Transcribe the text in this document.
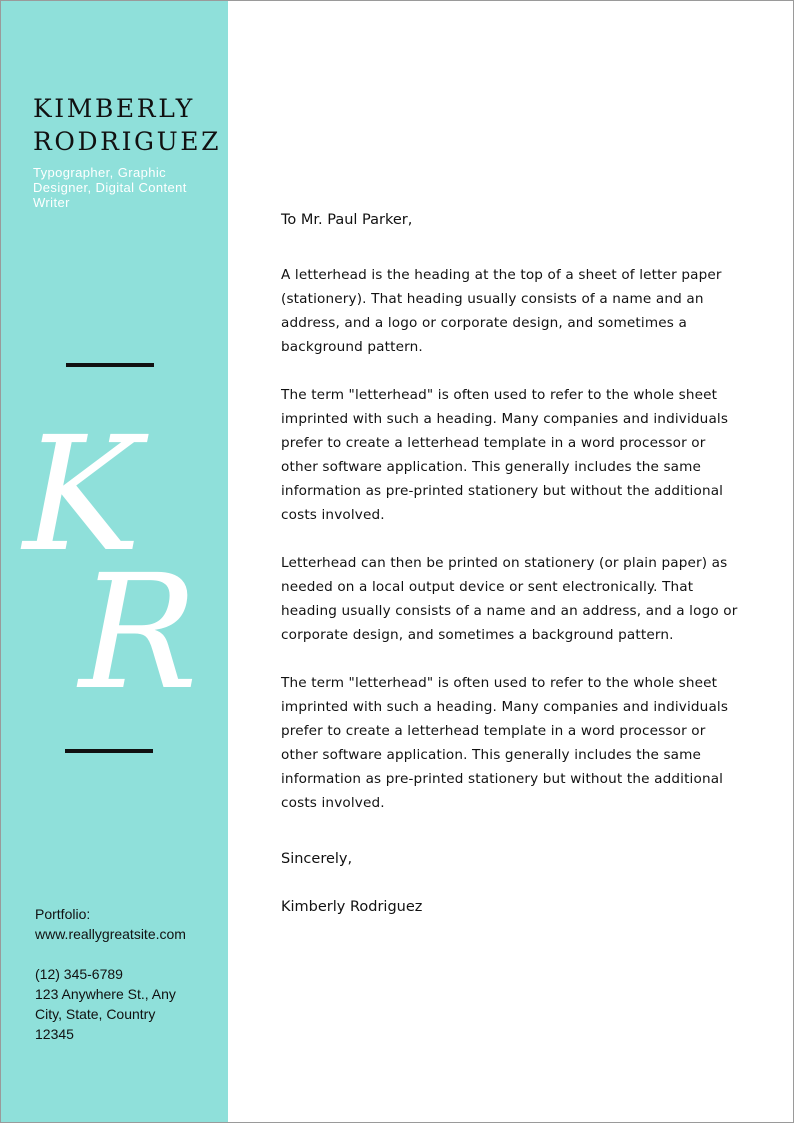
KIMBERLY
RODRIGUEZ

Typographer, Graphic Designer, Digital Content Writer

K
R
Portfolio:
www.reallygreatsite.com
(12) 345-6789
123 Anywhere St., Any
City, State, Country
12345

To Mr. Paul Parker,

A letterhead is the heading at the top of a sheet of letter paper (stationery). That heading usually consists of a name and an address, and a logo or corporate design, and sometimes a background pattern.

The term "letterhead" is often used to refer to the whole sheet imprinted with such a heading. Many companies and individuals prefer to create a letterhead template in a word processor or other software application. This generally includes the same information as pre-printed stationery but without the additional costs involved.

Letterhead can then be printed on stationery (or plain paper) as needed on a local output device or sent electronically. That heading usually consists of a name and an address, and a logo or corporate design, and sometimes a background pattern.

The term "letterhead" is often used to refer to the whole sheet imprinted with such a heading. Many companies and individuals prefer to create a letterhead template in a word processor or other software application. This generally includes the same information as pre-printed stationery but without the additional costs involved.

Sincerely,

Kimberly Rodriguez
